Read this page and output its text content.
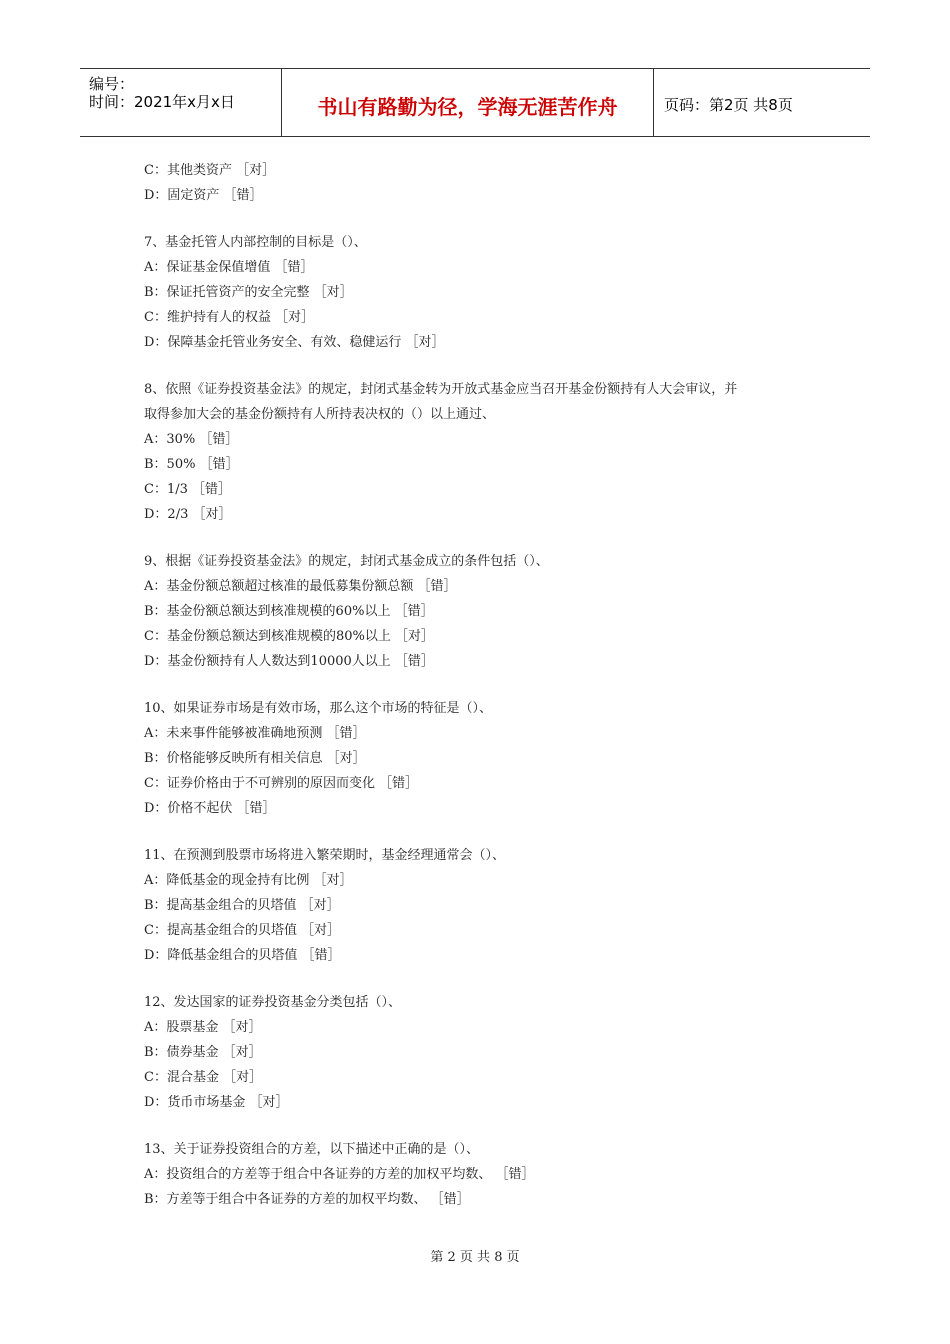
编号：
时间：2021年x月x日	书山有路勤为径，学海无涯苦作舟	页码：第2页 共8页
C：其他类资产 ［对］
D：固定资产 ［错］
7、基金托管人内部控制的目标是（）、
A：保证基金保值增值 ［错］
B：保证托管资产的安全完整 ［对］
C：维护持有人的权益 ［对］
D：保障基金托管业务安全、有效、稳健运行 ［对］
8、依照《证券投资基金法》的规定，封闭式基金转为开放式基金应当召开基金份额持有人大会审议，并
取得参加大会的基金份额持有人所持表决权的（）以上通过、
A：30% ［错］
B：50% ［错］
C：1/3 ［错］
D：2/3 ［对］
9、根据《证券投资基金法》的规定，封闭式基金成立的条件包括（）、
A：基金份额总额超过核准的最低募集份额总额 ［错］
B：基金份额总额达到核准规模的60%以上 ［错］
C：基金份额总额达到核准规模的80%以上 ［对］
D：基金份额持有人人数达到10000人以上 ［错］
10、如果证券市场是有效市场，那么这个市场的特征是（）、
A：未来事件能够被准确地预测 ［错］
B：价格能够反映所有相关信息 ［对］
C：证券价格由于不可辨别的原因而变化 ［错］
D：价格不起伏 ［错］
11、在预测到股票市场将进入繁荣期时，基金经理通常会（）、
A：降低基金的现金持有比例 ［对］
B：提高基金组合的贝塔值 ［对］
C：提高基金组合的贝塔值 ［对］
D：降低基金组合的贝塔值 ［错］
12、发达国家的证券投资基金分类包括（）、
A：股票基金 ［对］
B：债券基金 ［对］
C：混合基金 ［对］
D：货币市场基金 ［对］
13、关于证券投资组合的方差，以下描述中正确的是（）、
A：投资组合的方差等于组合中各证券的方差的加权平均数、 ［错］
B：方差等于组合中各证券的方差的加权平均数、 ［错］
第 2 页 共 8 页
